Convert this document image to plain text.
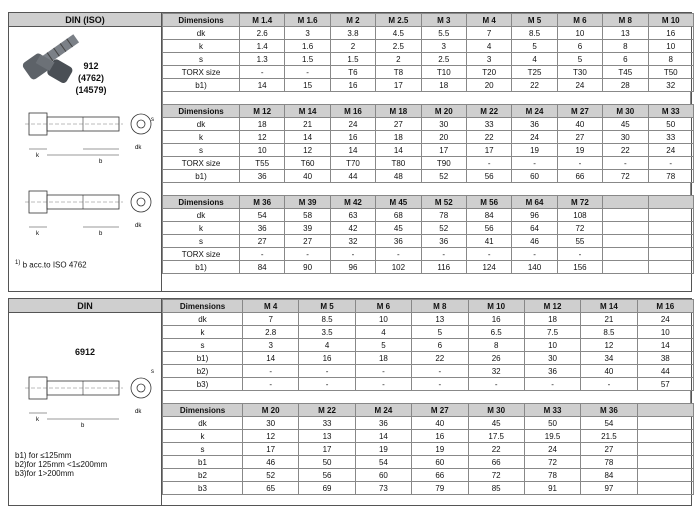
DIN (ISO)
912
(4762)
(14579)
k
b
dk
s
k	b
dk
$^{1)}$ b acc.to ISO 4762
Dimensions	M 1.4	M 1.6	M 2	M 2.5	M 3	M 4	M 5	M 6	M 8	M 10
dk	2.6	3	3.8	4.5	5.5	7	8.5	10	13	16
k	1.4	1.6	2	2.5	3	4	5	6	8	10
s	1.3	1.5	1.5	2	2.5	3	4	5	6	8
TORX size	-	-	T6	T8	T10	T20	T25	T30	T45	T50
b1)	14	15	16	17	18	20	22	24	28	32
Dimensions	M 12	M 14	M 16	M 18	M 20	M 22	M 24	M 27	M 30	M 33
dk	18	21	24	27	30	33	36	40	45	50
k	12	14	16	18	20	22	24	27	30	33
s	10	12	14	14	17	17	19	19	22	24
TORX size	T55	T60	T70	T80	T90	-	-	-	-	-
b1)	36	40	44	48	52	56	60	66	72	78
Dimensions	M 36	M 39	M 42	M 45	M 52	M 56	M 64	M 72		
dk	54	58	63	68	78	84	96	108		
k	36	39	42	45	52	56	64	72		
s	27	27	32	36	36	41	46	55		
TORX size	-	-	-	-	-	-	-	-		
b1)	84	90	96	102	116	124	140	156		
DIN
6912
k
b
dk
s
b1) for ≤125mm
b2)for 125mm <1≤200mm
b3)for 1>200mm
Dimensions	M 4	M 5	M 6	M 8	M 10	M 12	M 14	M 16
dk	7	8.5	10	13	16	18	21	24
k	2.8	3.5	4	5	6.5	7.5	8.5	10
s	3	4	5	6	8	10	12	14
b1)	14	16	18	22	26	30	34	38
b2)	-	-	-	-	32	36	40	44
b3)	-	-	-	-	-	-	-	57
Dimensions	M 20	M 22	M 24	M 27	M 30	M 33	M 36	
dk	30	33	36	40	45	50	54	
k	12	13	14	16	17.5	19.5	21.5	
s	17	17	19	19	22	24	27	
b1	46	50	54	60	66	72	78	
b2	52	56	60	66	72	78	84	
b3	65	69	73	79	85	91	97	
